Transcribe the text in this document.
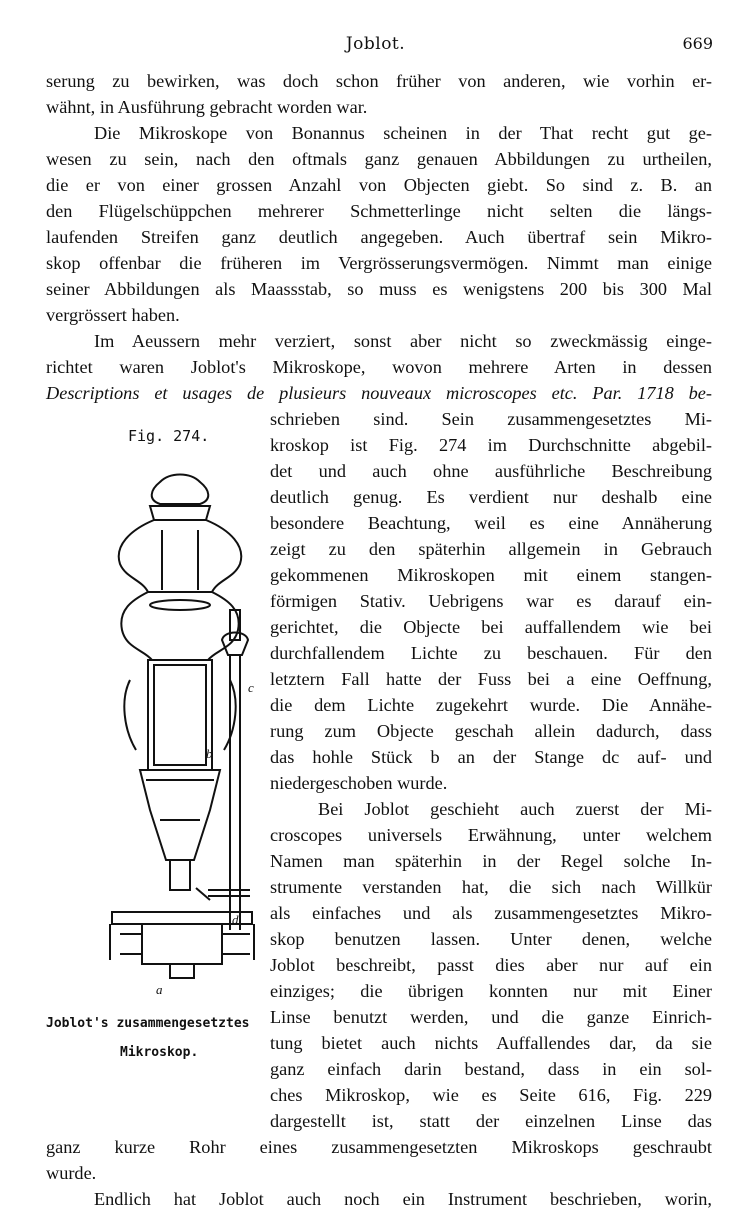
Joblot.	669
serung zu bewirken, was doch schon früher von anderen, wie vorhin er-
wähnt, in Ausführung gebracht worden war.
Die Mikroskope von Bonannus scheinen in der That recht gut ge-
wesen zu sein, nach den oftmals ganz genauen Abbildungen zu urtheilen,
die er von einer grossen Anzahl von Objecten giebt. So sind z. B. an
den Flügelschüppchen mehrerer Schmetterlinge nicht selten die längs-
laufenden Streifen ganz deutlich angegeben. Auch übertraf sein Mikro-
skop offenbar die früheren im Vergrösserungsvermögen. Nimmt man einige
seiner Abbildungen als Maassstab, so muss es wenigstens 200 bis 300 Mal
vergrössert haben.
Im Aeussern mehr verziert, sonst aber nicht so zweckmässig einge-
richtet waren Joblot's Mikroskope, wovon mehrere Arten in dessen
Descriptions et usages de plusieurs nouveaux microscopes etc. Par. 1718 be-
schrieben sind. Sein zusammengesetztes Mi-
kroskop ist Fig. 274 im Durchschnitte abgebil-
det und auch ohne ausführliche Beschreibung
deutlich genug. Es verdient nur deshalb eine
besondere Beachtung, weil es eine Annäherung
zeigt zu den späterhin allgemein in Gebrauch
gekommenen Mikroskopen mit einem stangen-
förmigen Stativ. Uebrigens war es darauf ein-
gerichtet, die Objecte bei auffallendem wie bei
durchfallendem Lichte zu beschauen. Für den
letztern Fall hatte der Fuss bei a eine Oeffnung,
die dem Lichte zugekehrt wurde. Die Annähe-
rung zum Objecte geschah allein dadurch, dass
das hohle Stück b an der Stange dc auf- und
niedergeschoben wurde.
Bei Joblot geschieht auch zuerst der Mi-
croscopes universels Erwähnung, unter welchem
Namen man späterhin in der Regel solche In-
strumente verstanden hat, die sich nach Willkür
als einfaches und als zusammengesetztes Mikro-
skop benutzen lassen. Unter denen, welche
Joblot beschreibt, passt dies aber nur auf ein
einziges; die übrigen konnten nur mit Einer
Linse benutzt werden, und die ganze Einrich-
tung bietet auch nichts Auffallendes dar, da sie
ganz einfach darin bestand, dass in ein sol-
ches Mikroskop, wie es Seite 616, Fig. 229
dargestellt ist, statt der einzelnen Linse das
ganz kurze Rohr eines zusammengesetzten Mikroskops geschraubt
wurde.
Endlich hat Joblot auch noch ein Instrument beschrieben, worin,
Fig. 274.
c
b
d
a
Joblot's zusammengesetztes
Mikroskop.
